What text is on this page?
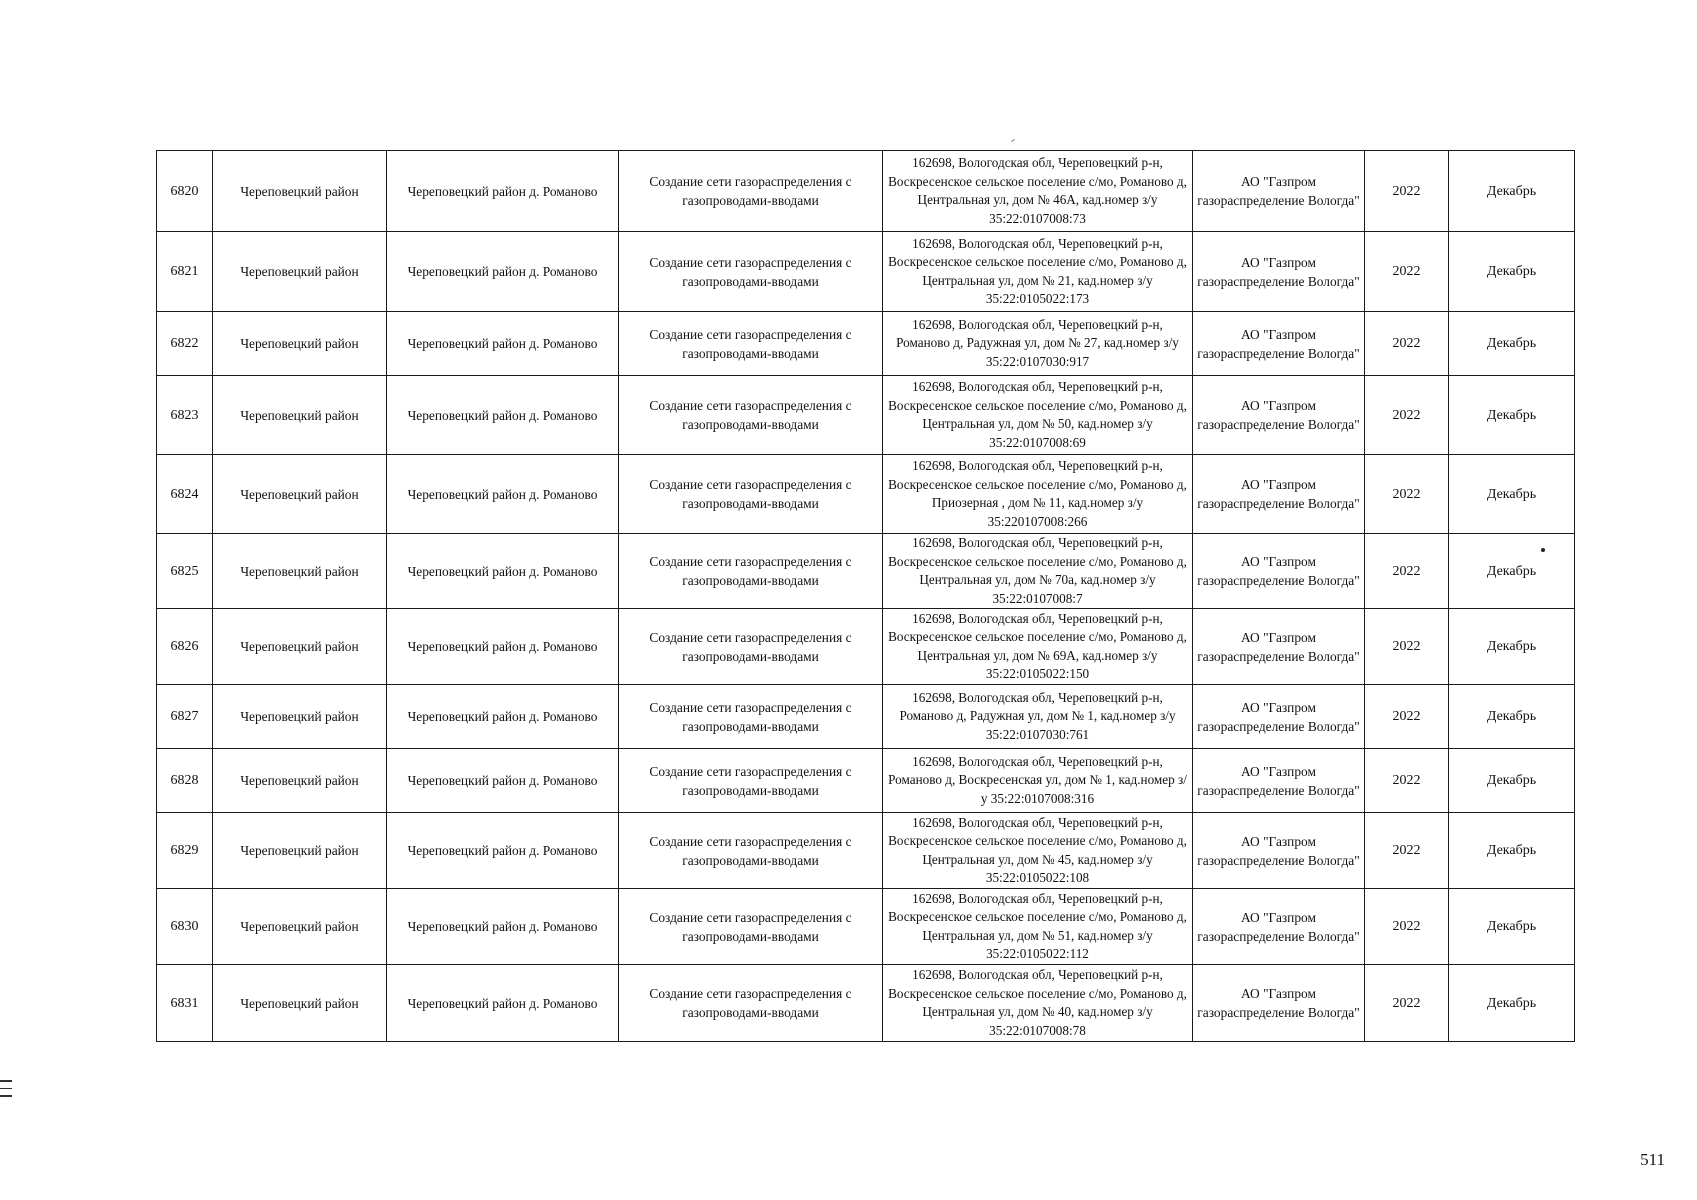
6820	Череповецкий район	Череповецкий район д. Романово	Создание сети газораспределения с газопроводами-вводами	162698, Вологодская обл, Череповецкий р-н, Воскресенское сельское поселение с/мо, Романово д, Центральная ул, дом № 46А, кад.номер з/у 35:22:0107008:73	АО "Газпром газораспределение Вологда"	2022	Декабрь
6821	Череповецкий район	Череповецкий район д. Романово	Создание сети газораспределения с газопроводами-вводами	162698, Вологодская обл, Череповецкий р-н, Воскресенское сельское поселение с/мо, Романово д, Центральная ул, дом № 21, кад.номер з/у 35:22:0105022:173	АО "Газпром газораспределение Вологда"	2022	Декабрь
6822	Череповецкий район	Череповецкий район д. Романово	Создание сети газораспределения с газопроводами-вводами	162698, Вологодская обл, Череповецкий р-н, Романово д, Радужная ул, дом № 27, кад.номер з/у 35:22:0107030:917	АО "Газпром газораспределение Вологда"	2022	Декабрь
6823	Череповецкий район	Череповецкий район д. Романово	Создание сети газораспределения с газопроводами-вводами	162698, Вологодская обл, Череповецкий р-н, Воскресенское сельское поселение с/мо, Романово д, Центральная ул, дом № 50, кад.номер з/у 35:22:0107008:69	АО "Газпром газораспределение Вологда"	2022	Декабрь
6824	Череповецкий район	Череповецкий район д. Романово	Создание сети газораспределения с газопроводами-вводами	162698, Вологодская обл, Череповецкий р-н, Воскресенское сельское поселение с/мо, Романово д, Приозерная , дом № 11, кад.номер з/у 35:220107008:266	АО "Газпром газораспределение Вологда"	2022	Декабрь
6825	Череповецкий район	Череповецкий район д. Романово	Создание сети газораспределения с газопроводами-вводами	162698, Вологодская обл, Череповецкий р-н, Воскресенское сельское поселение с/мо, Романово д, Центральная ул, дом № 70а, кад.номер з/у 35:22:0107008:7	АО "Газпром газораспределение Вологда"	2022	Декабрь
6826	Череповецкий район	Череповецкий район д. Романово	Создание сети газораспределения с газопроводами-вводами	162698, Вологодская обл, Череповецкий р-н, Воскресенское сельское поселение с/мо, Романово д, Центральная ул, дом № 69А, кад.номер з/у 35:22:0105022:150	АО "Газпром газораспределение Вологда"	2022	Декабрь
6827	Череповецкий район	Череповецкий район д. Романово	Создание сети газораспределения с газопроводами-вводами	162698, Вологодская обл, Череповецкий р-н, Романово д, Радужная ул, дом № 1, кад.номер з/у 35:22:0107030:761	АО "Газпром газораспределение Вологда"	2022	Декабрь
6828	Череповецкий район	Череповецкий район д. Романово	Создание сети газораспределения с газопроводами-вводами	162698, Вологодская обл, Череповецкий р-н, Романово д, Воскресенская ул, дом № 1, кад.номер з/у 35:22:0107008:316	АО "Газпром газораспределение Вологда"	2022	Декабрь
6829	Череповецкий район	Череповецкий район д. Романово	Создание сети газораспределения с газопроводами-вводами	162698, Вологодская обл, Череповецкий р-н, Воскресенское сельское поселение с/мо, Романово д, Центральная ул, дом № 45, кад.номер з/у 35:22:0105022:108	АО "Газпром газораспределение Вологда"	2022	Декабрь
6830	Череповецкий район	Череповецкий район д. Романово	Создание сети газораспределения с газопроводами-вводами	162698, Вологодская обл, Череповецкий р-н, Воскресенское сельское поселение с/мо, Романово д, Центральная ул, дом № 51, кад.номер з/у 35:22:0105022:112	АО "Газпром газораспределение Вологда"	2022	Декабрь
6831	Череповецкий район	Череповецкий район д. Романово	Создание сети газораспределения с газопроводами-вводами	162698, Вологодская обл, Череповецкий р-н, Воскресенское сельское поселение с/мо, Романово д, Центральная ул, дом № 40, кад.номер з/у 35:22:0107008:78	АО "Газпром газораспределение Вологда"	2022	Декабрь
511
